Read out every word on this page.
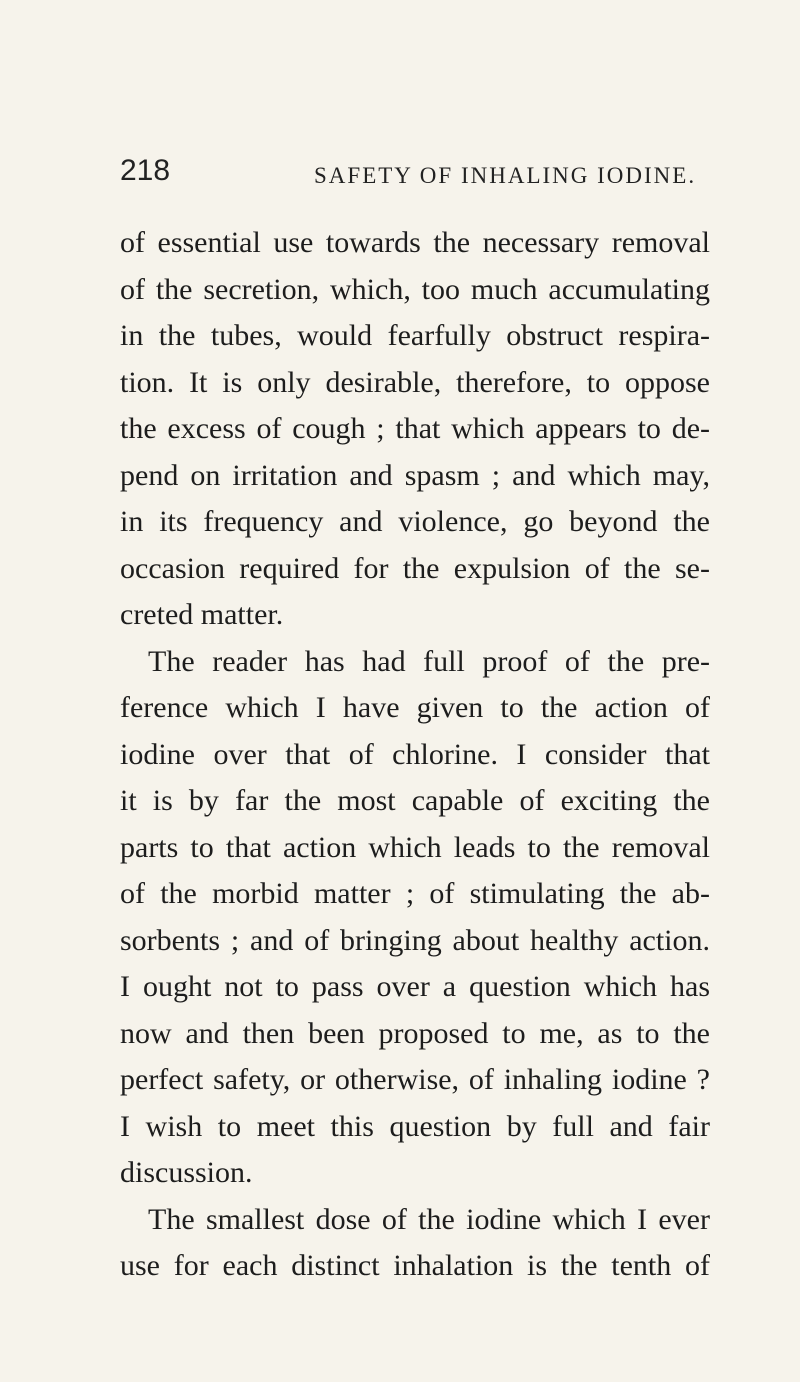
218	SAFETY OF INHALING IODINE.
of essential use towards the necessary removal
of the secretion, which, too much accumulating
in the tubes, would fearfully obstruct respira-
tion. It is only desirable, therefore, to oppose
the excess of cough ; that which appears to de-
pend on irritation and spasm ; and which may,
in its frequency and violence, go beyond the
occasion required for the expulsion of the se-
creted matter.
The reader has had full proof of the pre-
ference which I have given to the action of
iodine over that of chlorine. I consider that
it is by far the most capable of exciting the
parts to that action which leads to the removal
of the morbid matter ; of stimulating the ab-
sorbents ; and of bringing about healthy action.
I ought not to pass over a question which has
now and then been proposed to me, as to the
perfect safety, or otherwise, of inhaling iodine ?
I wish to meet this question by full and fair
discussion.
The smallest dose of the iodine which I ever
use for each distinct inhalation is the tenth of
